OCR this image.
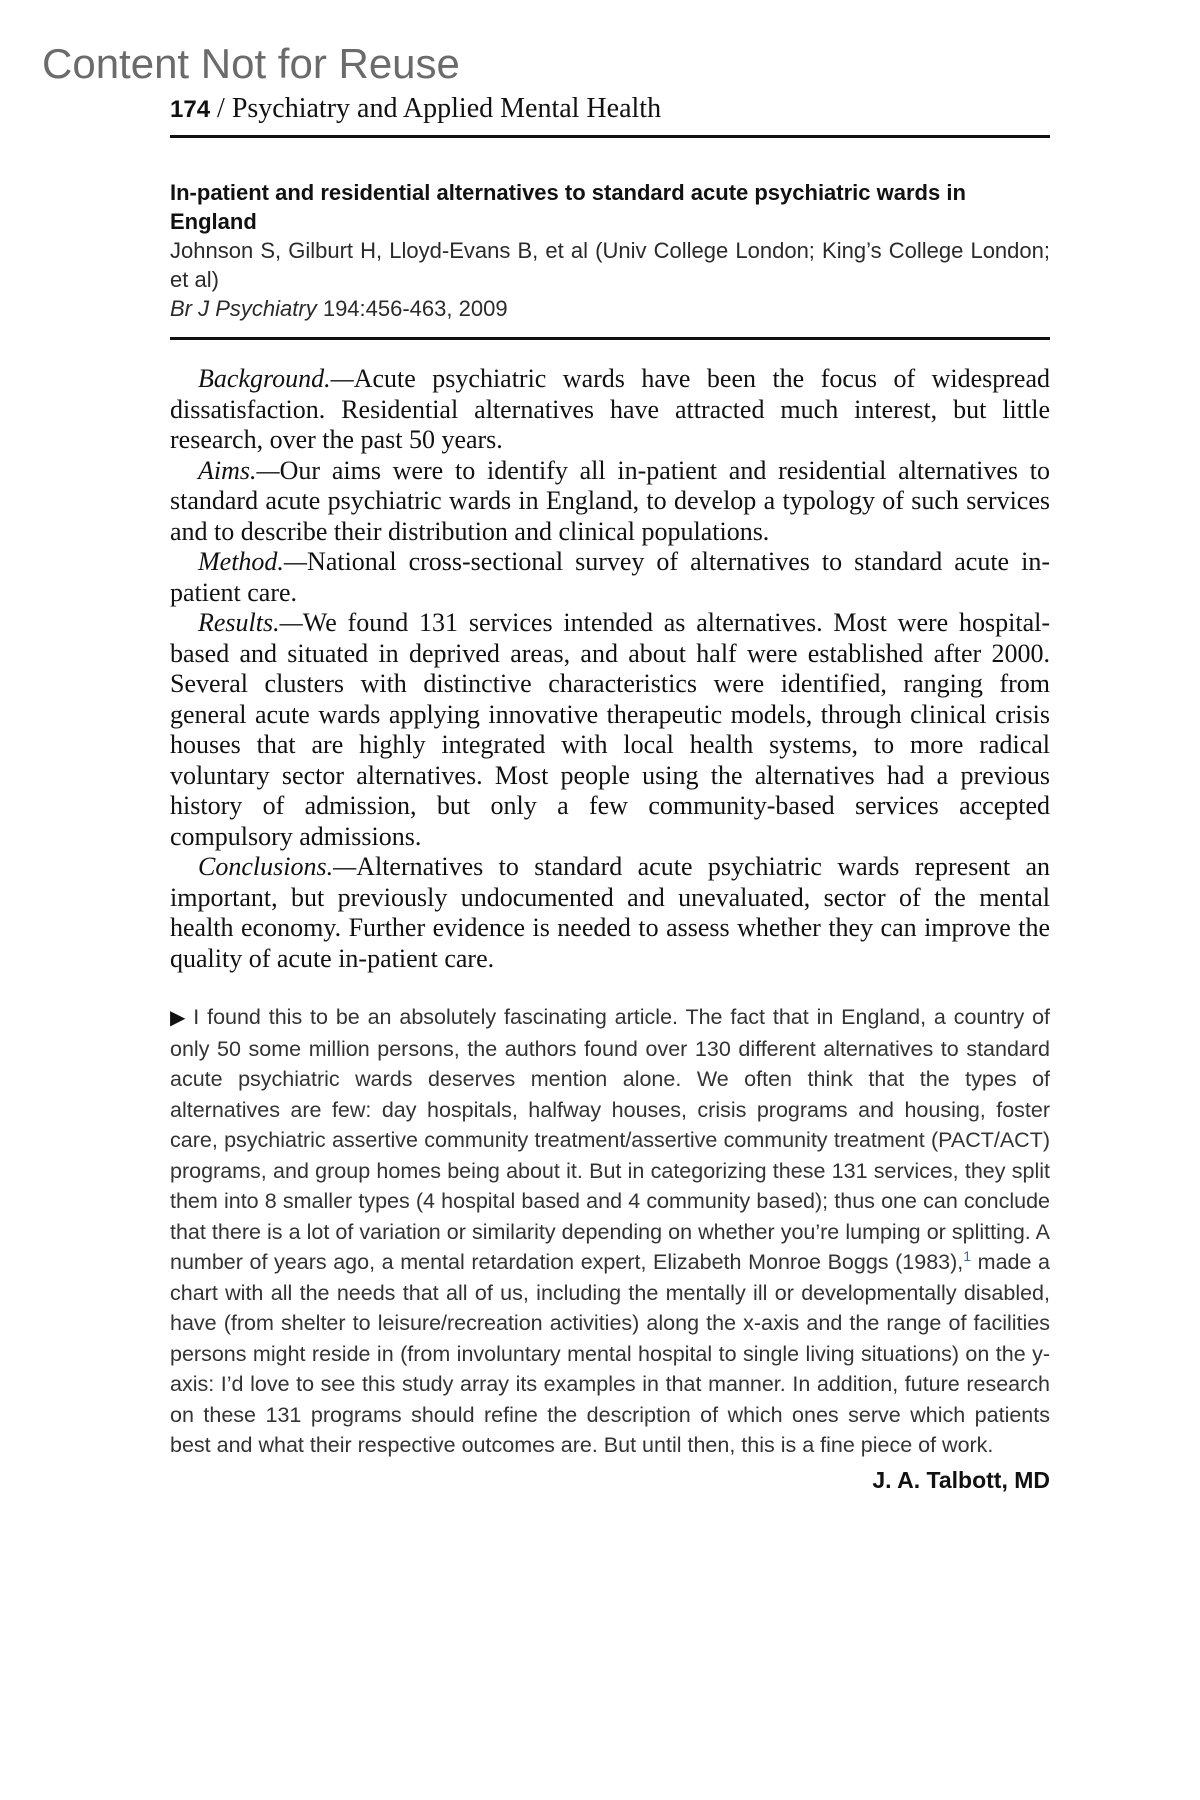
Content Not for Reuse
174 / Psychiatry and Applied Mental Health

In-patient and residential alternatives to standard acute psychiatric wards in England

Johnson S, Gilburt H, Lloyd-Evans B, et al (Univ College London; King’s College London; et al)

Br J Psychiatry 194:456-463, 2009

Background.—Acute psychiatric wards have been the focus of widespread dissatisfaction. Residential alternatives have attracted much interest, but little research, over the past 50 years.

Aims.—Our aims were to identify all in-patient and residential alternatives to standard acute psychiatric wards in England, to develop a typology of such services and to describe their distribution and clinical populations.

Method.—National cross-sectional survey of alternatives to standard acute in-patient care.

Results.—We found 131 services intended as alternatives. Most were hospital-based and situated in deprived areas, and about half were established after 2000. Several clusters with distinctive characteristics were identified, ranging from general acute wards applying innovative therapeutic models, through clinical crisis houses that are highly integrated with local health systems, to more radical voluntary sector alternatives. Most people using the alternatives had a previous history of admission, but only a few community-based services accepted compulsory admissions.

Conclusions.—Alternatives to standard acute psychiatric wards represent an important, but previously undocumented and unevaluated, sector of the mental health economy. Further evidence is needed to assess whether they can improve the quality of acute in-patient care.

▶ I found this to be an absolutely fascinating article. The fact that in England, a country of only 50 some million persons, the authors found over 130 different alternatives to standard acute psychiatric wards deserves mention alone. We often think that the types of alternatives are few: day hospitals, halfway houses, crisis programs and housing, foster care, psychiatric assertive community treatment/assertive community treatment (PACT/ACT) programs, and group homes being about it. But in categorizing these 131 services, they split them into 8 smaller types (4 hospital based and 4 community based); thus one can conclude that there is a lot of variation or similarity depending on whether you’re lumping or splitting. A number of years ago, a mental retardation expert, Elizabeth Monroe Boggs (1983),$^1$ made a chart with all the needs that all of us, including the mentally ill or developmentally disabled, have (from shelter to leisure/recreation activities) along the x-axis and the range of facilities persons might reside in (from involuntary mental hospital to single living situations) on the y-axis: I’d love to see this study array its examples in that manner. In addition, future research on these 131 programs should refine the description of which ones serve which patients best and what their respective outcomes are. But until then, this is a fine piece of work.
J. A. Talbott, MD
